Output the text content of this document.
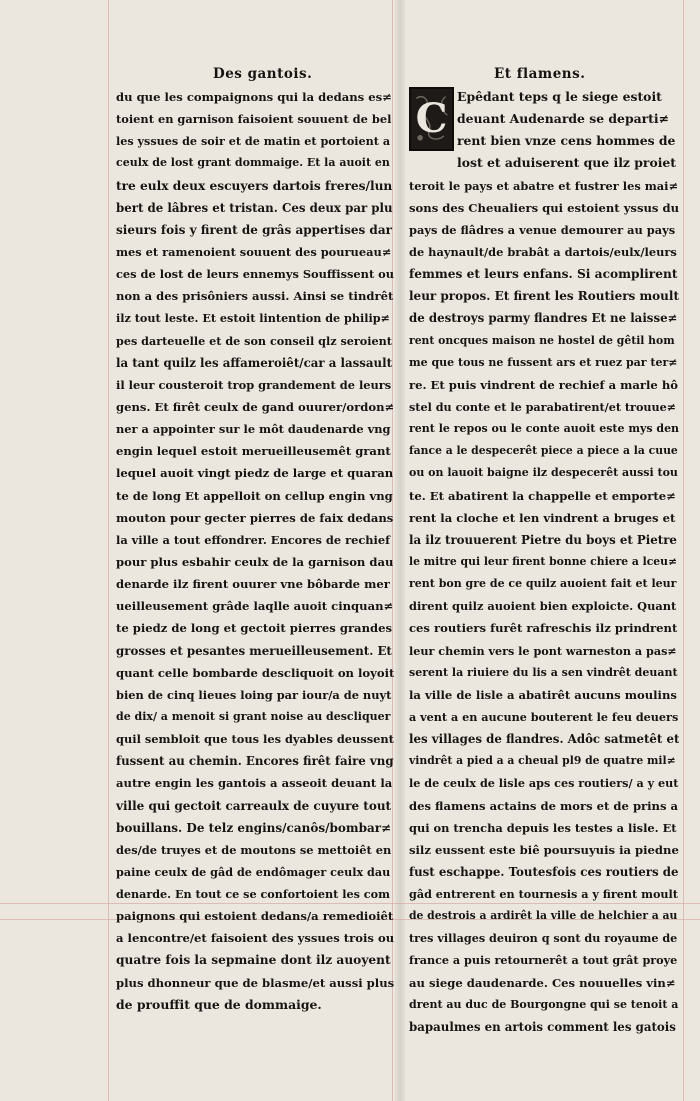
Des gantois.	Et flamens.
du que les compaignons qui la dedans es≠
toient en garnison faisoient souuent de bel
les yssues de soir et de matin et portoient a
ceulx de lost grant dommaige. Et la auoit en
tre eulx deux escuyers dartois freres/lun
bert de lâbres et tristan. Ces deux par plu
sieurs fois y firent de grâs appertises dar
mes et ramenoient souuent des pourueau≠
ces de lost de leurs ennemys Souffissent ou
non a des prisôniers aussi. Ainsi se tindrêt
ilz tout leste. Et estoit lintention de philip≠
pes darteuelle et de son conseil qlz seroient
la tant quilz les affameroiêt/car a lassault
il leur cousteroit trop grandement de leurs
gens. Et firêt ceulx de gand ouurer/ordon≠
ner a appointer sur le môt daudenarde vng
engin lequel estoit merueilleusemêt grant
lequel auoit vingt piedz de large et quaran
te de long Et appelloit on cellup engin vng
mouton pour gecter pierres de faix dedans
la ville a tout effondrer. Encores de rechief
pour plus esbahir ceulx de la garnison dau
denarde ilz firent ouurer vne bôbarde mer
ueilleusement grâde laqlle auoit cinquan≠
te piedz de long et gectoit pierres grandes
grosses et pesantes merueilleusement. Et
quant celle bombarde descliquoit on loyoit
bien de cinq lieues loing par iour/a de nuyt
de dix/ a menoit si grant noise au descliquer
quil sembloit que tous les dyables deussent
fussent au chemin. Encores firêt faire vng
autre engin les gantois a asseoit deuant la
ville qui gectoit carreaulx de cuyure tout
bouillans. De telz engins/canôs/bombar≠
des/de truyes et de moutons se mettoiêt en
paine ceulx de gâd de endômager ceulx dau
denarde. En tout ce se confortoient les com
paignons qui estoient dedans/a remedioiêt
a lencontre/et faisoient des yssues trois ou
quatre fois la sepmaine dont ilz auoyent
plus dhonneur que de blasme/et aussi plus
de prouffit que de dommaige.
C Epêdant teps q le siege estoit
deuant Audenarde se departi≠
rent bien vnze cens hommes de
lost et aduiserent que ilz proiet
teroit le pays et abatre et fustrer les mai≠
sons des Cheualiers qui estoient yssus du
pays de flâdres a venue demourer au pays
de haynault/de brabât a dartois/eulx/leurs
femmes et leurs enfans. Si acomplirent
leur propos. Et firent les Routiers moult
de destroys parmy flandres Et ne laisse≠
rent oncques maison ne hostel de gêtil hom
me que tous ne fussent ars et ruez par ter≠
re. Et puis vindrent de rechief a marle hô
stel du conte et le parabatirent/et trouue≠
rent le repos ou le conte auoit este mys den
fance a le despecerêt piece a piece a la cuue
ou on lauoit baigne ilz despecerêt aussi tou
te. Et abatirent la chappelle et emporte≠
rent la cloche et len vindrent a bruges et
la ilz trouuerent Pietre du boys et Pietre
le mitre qui leur firent bonne chiere a lceu≠
rent bon gre de ce quilz auoient fait et leur
dirent quilz auoient bien exploicte. Quant
ces routiers furêt rafreschis ilz prindrent
leur chemin vers le pont warneston a pas≠
serent la riuiere du lis a sen vindrêt deuant
la ville de lisle a abatirêt aucuns moulins
a vent a en aucune bouterent le feu deuers
les villages de flandres. Adôc satmetêt et
vindrêt a pied a a cheual pl9 de quatre mil≠
le de ceulx de lisle aps ces routiers/ a y eut
des flamens actains de mors et de prins a
qui on trencha depuis les testes a lisle. Et
silz eussent este biê poursuyuis ia piedne
fust eschappe. Toutesfois ces routiers de
gâd entrerent en tournesis a y firent moult
de destrois a ardirêt la ville de helchier a au
tres villages deuiron q sont du royaume de
france a puis retournerêt a tout grât proye
au siege daudenarde. Ces nouuelles vin≠
drent au duc de Bourgongne qui se tenoit a
bapaulmes en artois comment les gatois
